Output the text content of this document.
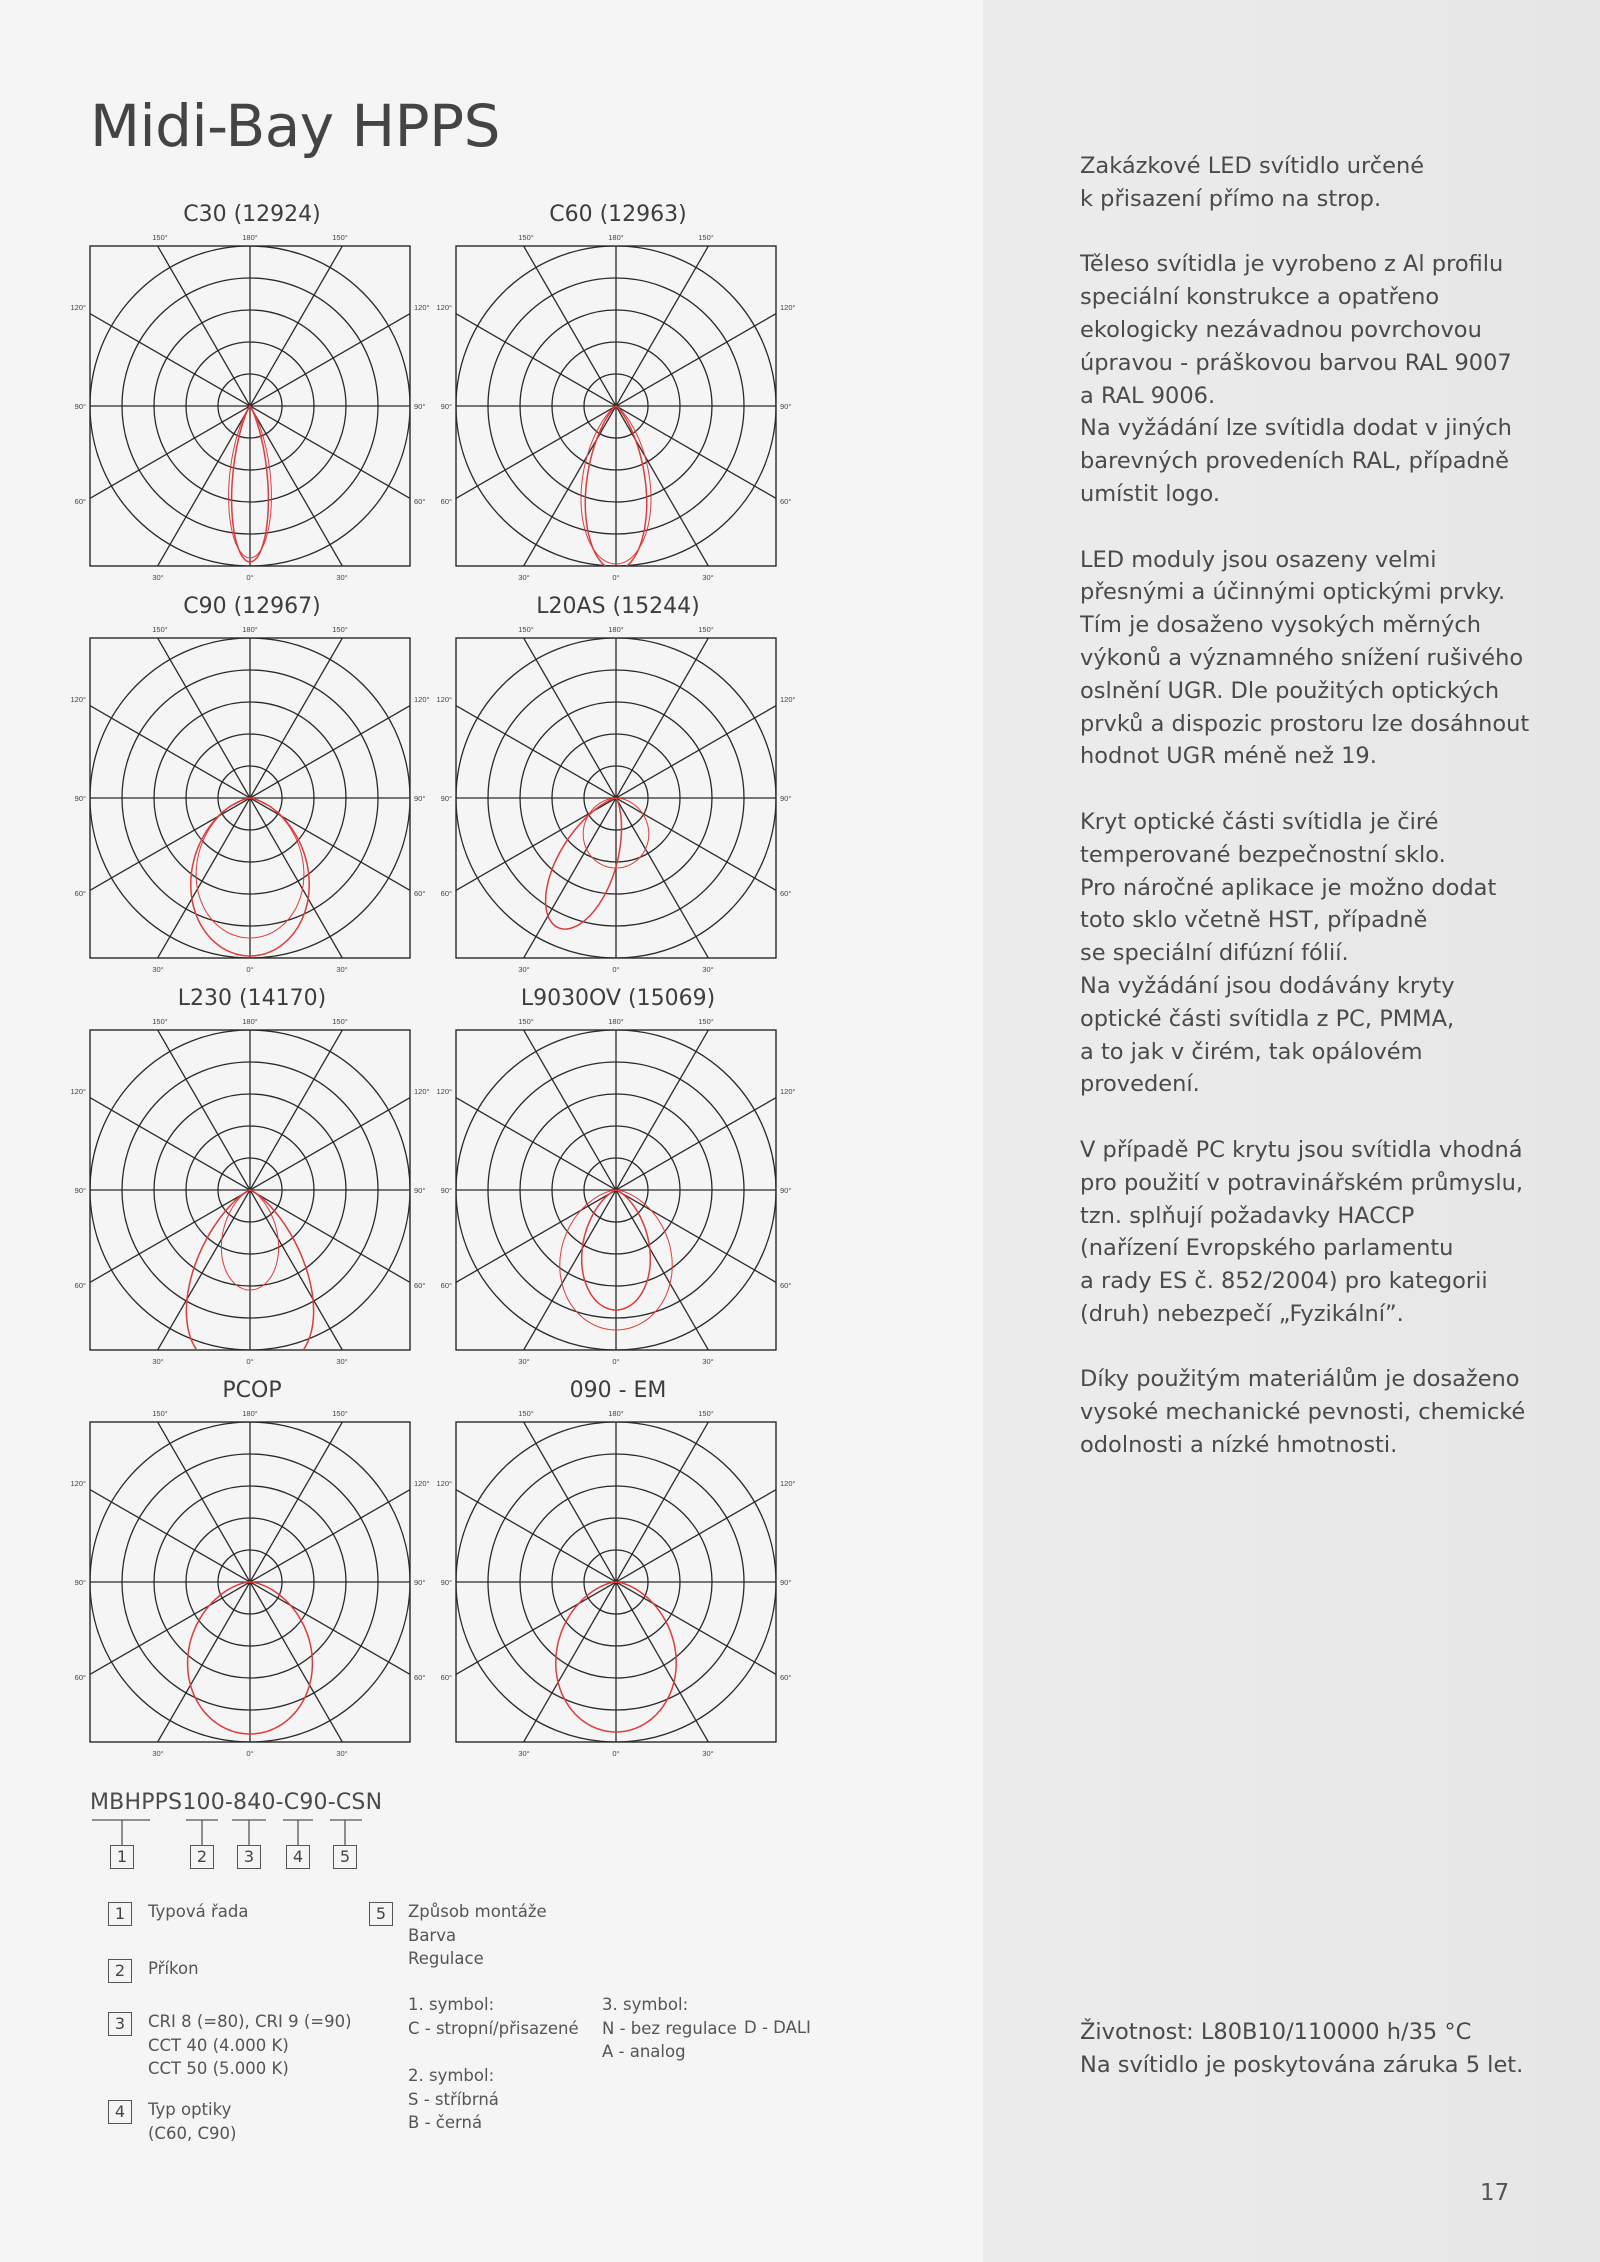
Midi-Bay HPPS
C30 (12924)	C60 (12963)
C90 (12967)	L20AS (15244)
L230 (14170)	L9030OV (15069)
PCOP	090 - EM
150°	180°	150°
120°	120°
90°	90°
60°	60°
30°	0°	30°
150°	180°	150°
120°	120°
90°	90°
60°	60°
30°	0°	30°
150°	180°	150°
120°	120°
90°	90°
60°	60°
30°	0°	30°
150°	180°	150°
120°	120°
90°	90°
60°	60°
30°	0°	30°
150°	180°	150°
120°	120°
90°	90°
60°	60°
30°	0°	30°
150°	180°	150°
120°	120°
90°	90°
60°	60°
30°	0°	30°
150°	180°	150°
120°	120°
90°	90°
60°	60°
30°	0°	30°
150°	180°	150°
120°	120°
90°	90°
60°	60°
30°	0°	30°

Zakázkové LED svítidlo určené
k přisazení přímo na strop.

Těleso svítidla je vyrobeno z Al profilu
speciální konstrukce a opatřeno
ekologicky nezávadnou povrchovou
úpravou - práškovou barvou RAL 9007
a RAL 9006.
Na vyžádání lze svítidla dodat v jiných
barevných provedeních RAL, případně
umístit logo.

LED moduly jsou osazeny velmi
přesnými a účinnými optickými prvky.
Tím je dosaženo vysokých měrných
výkonů a významného snížení rušivého
oslnění UGR. Dle použitých optických
prvků a dispozic prostoru lze dosáhnout
hodnot UGR méně než 19.

Kryt optické části svítidla je čiré
temperované bezpečnostní sklo.
Pro náročné aplikace je možno dodat
toto sklo včetně HST, případně
se speciální difúzní fólií.
Na vyžádání jsou dodávány kryty
optické části svítidla z PC, PMMA,
a to jak v čirém, tak opálovém
provedení.

V případě PC krytu jsou svítidla vhodná
pro použití v potravinářském průmyslu,
tzn. splňují požadavky HACCP
(nařízení Evropského parlamentu
a rady ES č. 852/2004) pro kategorii
(druh) nebezpečí „Fyzikální”.

Díky použitým materiálům je dosaženo
vysoké mechanické pevnosti, chemické
odolnosti a nízké hmotnosti.

Životnost: L80B10/110000 h/35 °C
Na svítidlo je poskytována záruka 5 let.
17
MBHPPS100-840-C90-CSN
1	2	3	4	5
1	Typová řada
2	Příkon
3	CRI 8 (=80), CRI 9 (=90)
CCT 40 (4.000 K)
CCT 50 (5.000 K)
4	Typ optiky
(C60, C90)
5	Způsob montáže
Barva
Regulace
1. symbol:
C - stropní/přisazené
2. symbol:
S - stříbrná
B - černá
3. symbol:
N - bez regulace
A - analog
D - DALI
